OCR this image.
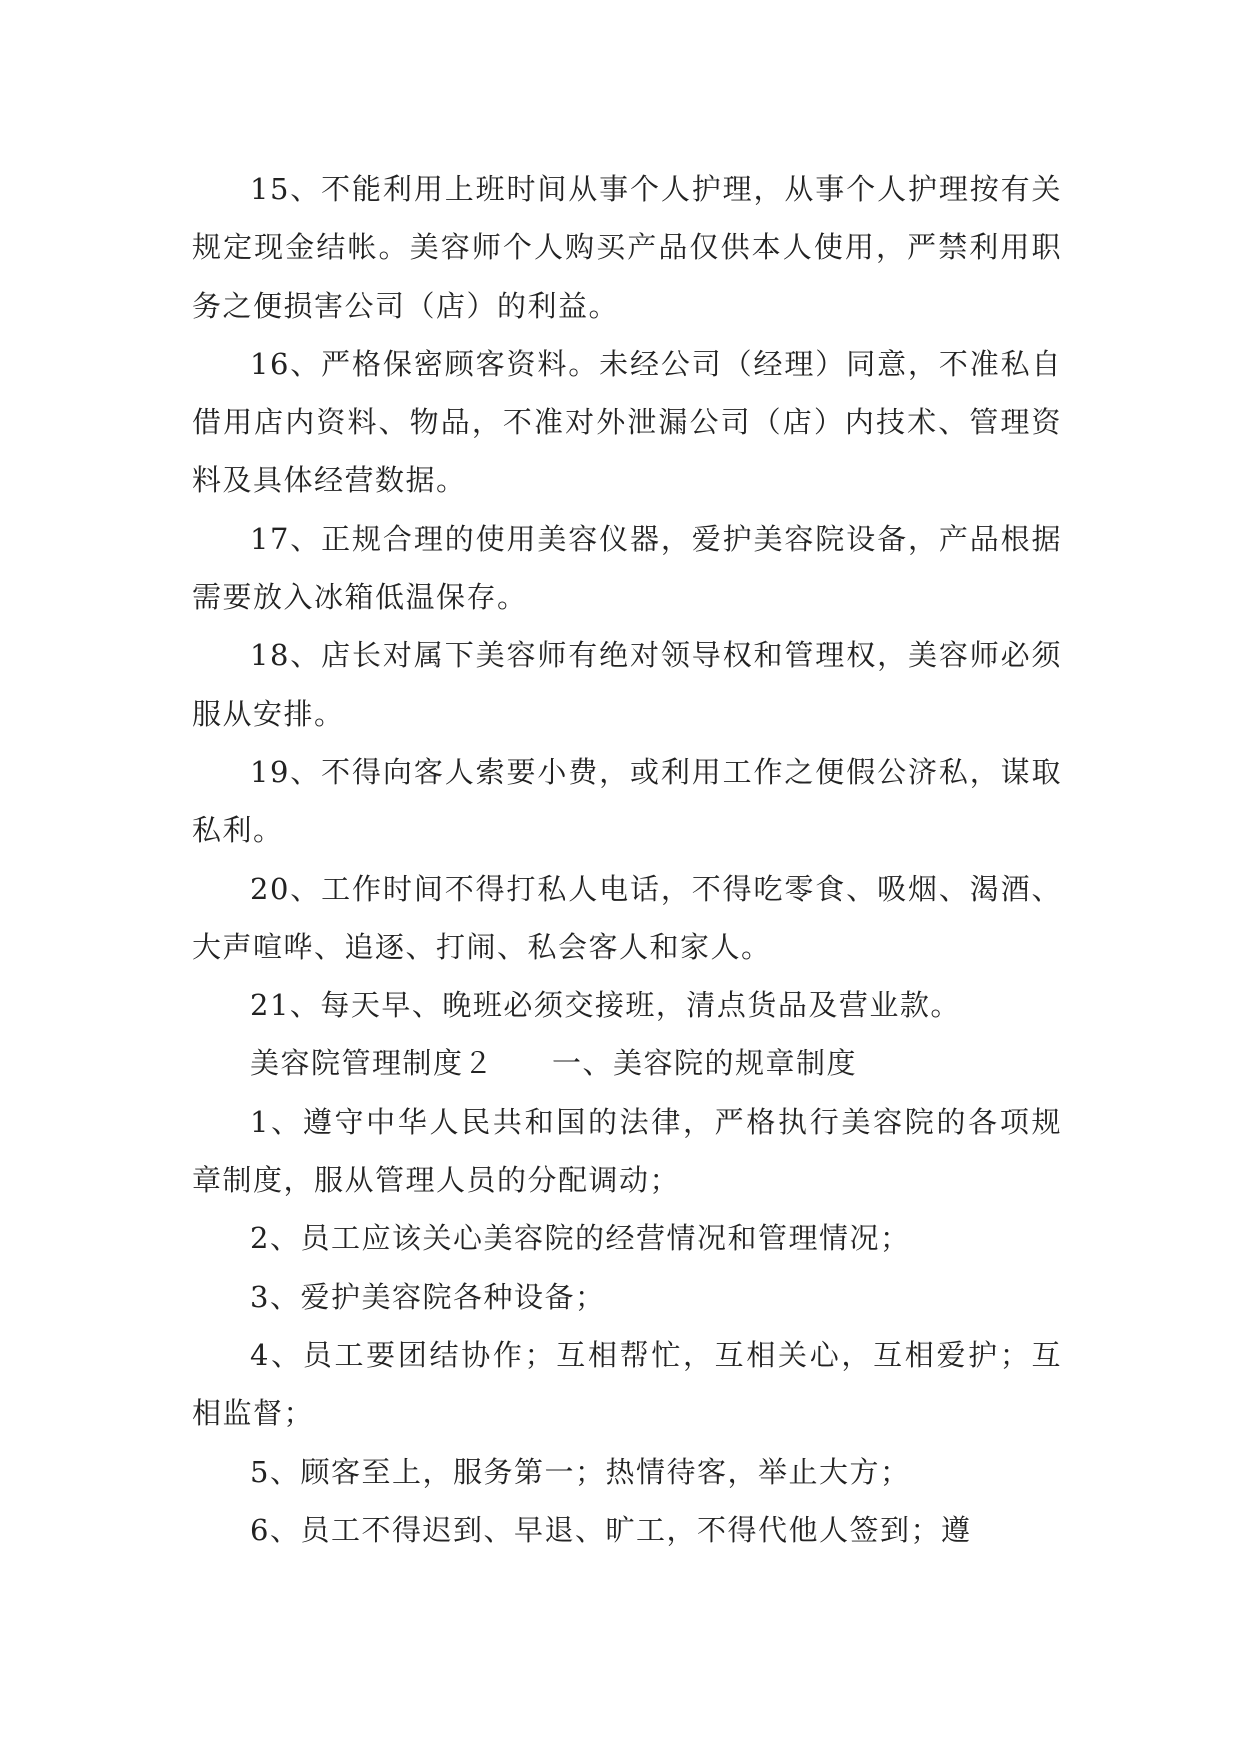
15、不能利用上班时间从事个人护理，从事个人护理按有关规定现金结帐。美容师个人购买产品仅供本人使用，严禁利用职务之便损害公司（店）的利益。

16、严格保密顾客资料。未经公司（经理）同意，不准私自借用店内资料、物品，不准对外泄漏公司（店）内技术、管理资料及具体经营数据。

17、正规合理的使用美容仪器，爱护美容院设备，产品根据需要放入冰箱低温保存。

18、店长对属下美容师有绝对领导权和管理权，美容师必须服从安排。

19、不得向客人索要小费，或利用工作之便假公济私，谋取私利。

20、工作时间不得打私人电话，不得吃零食、吸烟、渴酒、大声喧哗、追逐、打闹、私会客人和家人。

21、每天早、晚班必须交接班，清点货品及营业款。

美容院管理制度２ 一、美容院的规章制度

1、遵守中华人民共和国的法律，严格执行美容院的各项规章制度，服从管理人员的分配调动；

2、员工应该关心美容院的经营情况和管理情况；

3、爱护美容院各种设备；

4、员工要团结协作；互相帮忙，互相关心，互相爱护；互相监督；

5、顾客至上，服务第一；热情待客，举止大方；

6、员工不得迟到、早退、旷工，不得代他人签到；遵
